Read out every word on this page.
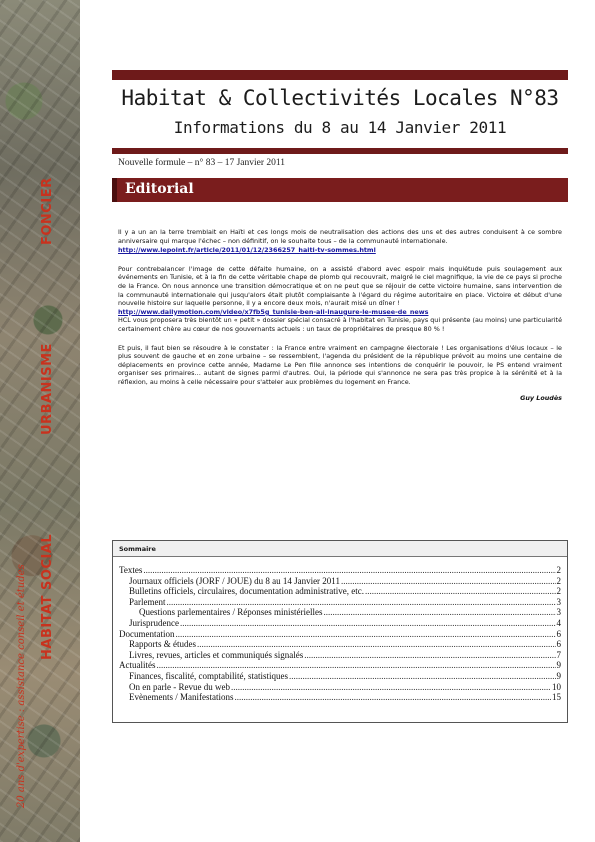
FONCIER
URBANISME
HABITAT SOCIAL
20 ans d'expertise : assistance conseil et études
Habitat & Collectivités Locales N°83
Informations du 8 au 14 Janvier 2011
Nouvelle formule – n° 83 – 17 Janvier 2011
Editorial

Il y a un an la terre tremblait en Haïti et ces longs mois de neutralisation des actions des uns et des autres conduisent à ce sombre anniversaire qui marque l'échec – non définitif, on le souhaite tous – de la communauté internationale.

http://www.lepoint.fr/article/2011/01/12/2366257_haiti-tv-sommes.html

Pour contrebalancer l'image de cette défaite humaine, on a assisté d'abord avec espoir mais inquiétude puis soulagement aux événements en Tunisie, et à la fin de cette véritable chape de plomb qui recouvrait, malgré le ciel magnifique, la vie de ce pays si proche de la France. On nous annonce une transition démocratique et on ne peut que se réjouir de cette victoire humaine, sans intervention de la communauté internationale qui jusqu'alors était plutôt complaisante à l'égard du régime autoritaire en place. Victoire et début d'une nouvelle histoire sur laquelle personne, il y a encore deux mois, n'aurait misé un dîner !

http://www.dailymotion.com/video/x7fb5g_tunisie-ben-ali-inaugure-le-musee-de_news

HCL vous proposera très bientôt un « petit » dossier spécial consacré à l'habitat en Tunisie, pays qui présente (au moins) une particularité certainement chère au cœur de nos gouvernants actuels : un taux de propriétaires de presque 80 % !

Et puis, il faut bien se résoudre à le constater : la France entre vraiment en campagne électorale ! Les organisations d'élus locaux – le plus souvent de gauche et en zone urbaine – se ressemblent, l'agenda du président de la république prévoit au moins une centaine de déplacements en province cette année, Madame Le Pen fille annonce ses intentions de conquérir le pouvoir, le PS entend vraiment organiser ses primaires… autant de signes parmi d'autres. Oui, la période qui s'annonce ne sera pas très propice à la sérénité et à la réflexion, au moins à celle nécessaire pour s'atteler aux problèmes du logement en France.

Guy Loudès
Sommaire
Textes .....	2
Journaux officiels (JORF / JOUE) du 8 au 14 Janvier 2011 .....	2
Bulletins officiels, circulaires, documentation administrative, etc. .....	2
Parlement .....	3
Questions parlementaires / Réponses ministérielles .....	3
Jurisprudence .....	4
Documentation .....	6
Rapports & études .....	6
Livres, revues, articles et communiqués signalés .....	7
Actualités .....	9
Finances, fiscalité, comptabilité, statistiques .....	9
On en parle - Revue du web .....	10
Evènements / Manifestations .....	15
